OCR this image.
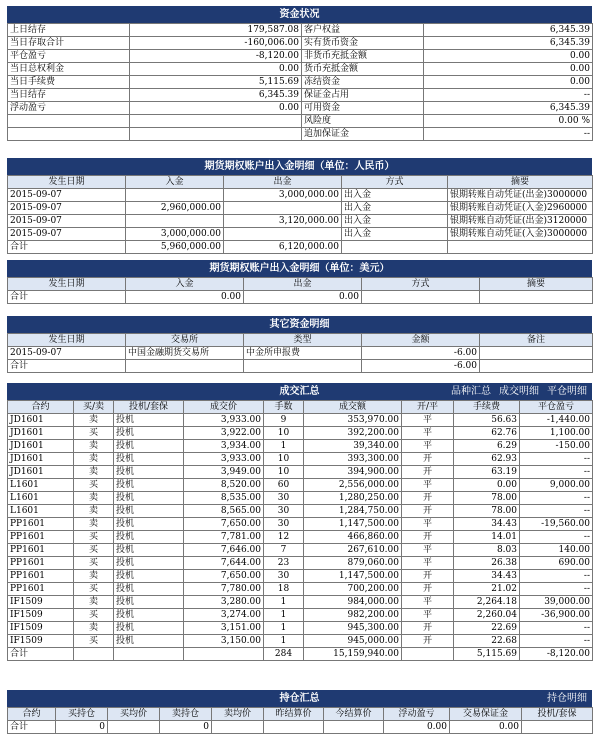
资金状况
上日结存	179,587.08	客户权益	6,345.39
当日存取合计	-160,006.00	实有货币资金	6,345.39
平仓盈亏	-8,120.00	非货币充抵金额	0.00
当日总权利金	0.00	货币充抵金额	0.00
当日手续费	5,115.69	冻结资金	0.00
当日结存	6,345.39	保证金占用	--
浮动盈亏	0.00	可用资金	6,345.39
		风险度	0.00 %
		追加保证金	--
期货期权账户出入金明细（单位：人民币）
发生日期	入金	出金	方式	摘要
2015-09-07		3,000,000.00	出入金	银期转账自动凭证(出金)3000000
2015-09-07	2,960,000.00		出入金	银期转账自动凭证(入金)2960000
2015-09-07		3,120,000.00	出入金	银期转账自动凭证(出金)3120000
2015-09-07	3,000,000.00		出入金	银期转账自动凭证(入金)3000000
合计	5,960,000.00	6,120,000.00		
期货期权账户出入金明细（单位：美元）
发生日期	入金	出金	方式	摘要
合计	0.00	0.00		
其它资金明细
发生日期	交易所	类型	金额	备注
2015-09-07	中国金融期货交易所	中金所申报费	-6.00	
合计			-6.00	
成交汇总	品种汇总 成交明细 平仓明细
合约	买/卖	投机/套保	成交价	手数	成交额	开/平	手续费	平仓盈亏
JD1601	卖	投机	3,933.00	9	353,970.00	平	56.63	-1,440.00
JD1601	买	投机	3,922.00	10	392,200.00	平	62.76	1,100.00
JD1601	卖	投机	3,934.00	1	39,340.00	平	6.29	-150.00
JD1601	卖	投机	3,933.00	10	393,300.00	开	62.93	--
JD1601	卖	投机	3,949.00	10	394,900.00	开	63.19	--
L1601	买	投机	8,520.00	60	2,556,000.00	平	0.00	9,000.00
L1601	卖	投机	8,535.00	30	1,280,250.00	开	78.00	--
L1601	卖	投机	8,565.00	30	1,284,750.00	开	78.00	--
PP1601	卖	投机	7,650.00	30	1,147,500.00	平	34.43	-19,560.00
PP1601	买	投机	7,781.00	12	466,860.00	开	14.01	--
PP1601	买	投机	7,646.00	7	267,610.00	平	8.03	140.00
PP1601	买	投机	7,644.00	23	879,060.00	平	26.38	690.00
PP1601	卖	投机	7,650.00	30	1,147,500.00	开	34.43	--
PP1601	买	投机	7,780.00	18	700,200.00	开	21.02	--
IF1509	卖	投机	3,280.00	1	984,000.00	平	2,264.18	39,000.00
IF1509	买	投机	3,274.00	1	982,200.00	平	2,260.04	-36,900.00
IF1509	卖	投机	3,151.00	1	945,300.00	开	22.69	--
IF1509	买	投机	3,150.00	1	945,000.00	开	22.68	--
合计				284	15,159,940.00		5,115.69	-8,120.00
持仓汇总	持仓明细
合约	买持仓	买均价	卖持仓	卖均价	昨结算价	今结算价	浮动盈亏	交易保证金	投机/套保
合计	0		0				0.00	0.00	
